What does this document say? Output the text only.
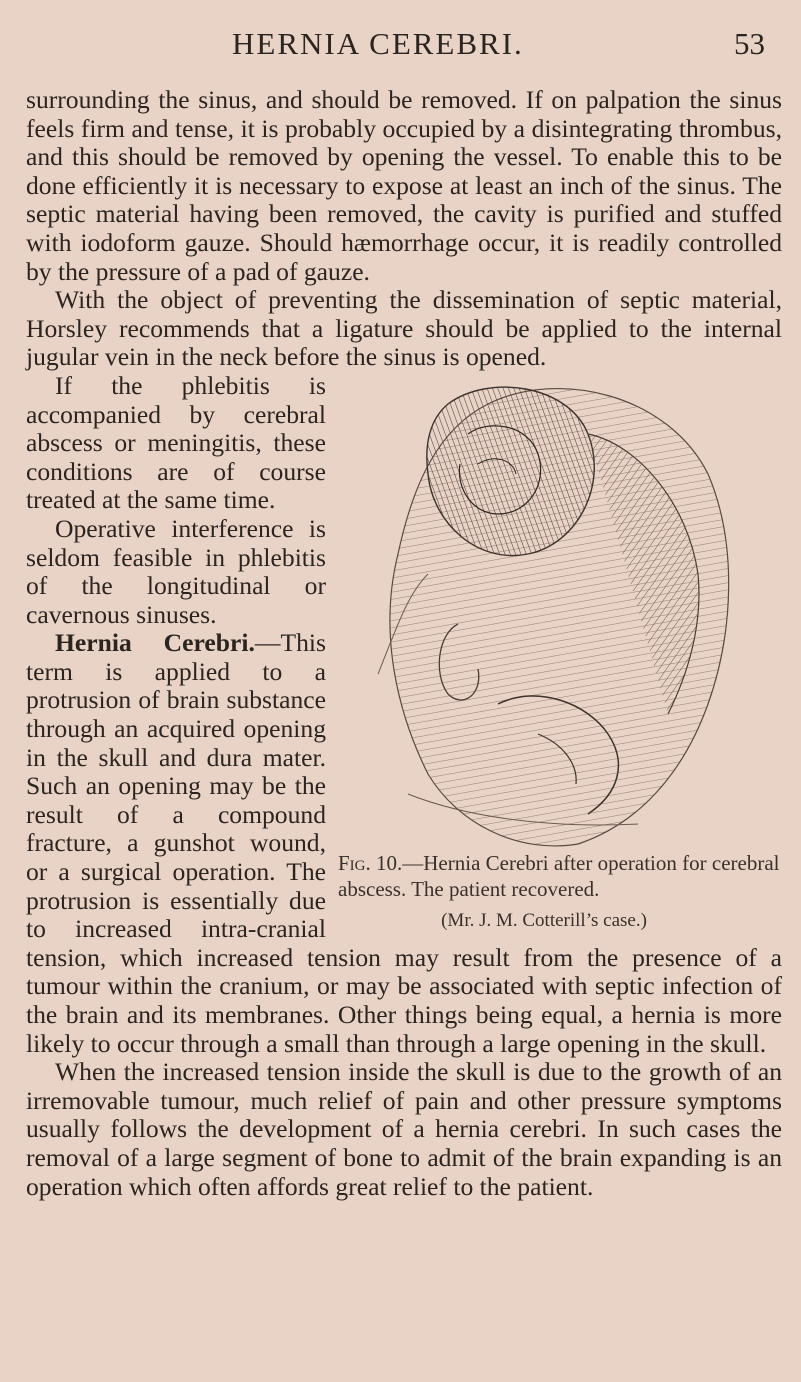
HERNIA CEREBRI.	53

surrounding the sinus, and should be removed. If on palpation the sinus feels firm and tense, it is probably occupied by a disintegrating thrombus, and this should be removed by opening the vessel. To enable this to be done efficiently it is necessary to expose at least an inch of the sinus. The septic material having been removed, the cavity is purified and stuffed with iodoform gauze. Should hæmorrhage occur, it is readily controlled by the pressure of a pad of gauze.

With the object of preventing the dissemination of septic material, Horsley recommends that a ligature should be applied to the internal jugular vein in the neck before the sinus is opened.

Fig. 10.—Hernia Cerebri after operation for cerebral abscess. The patient recovered.
(Mr. J. M. Cotterill’s case.)

If the phlebitis is accompanied by cerebral abscess or meningitis, these conditions are of course treated at the same time.

Operative interference is seldom feasible in phlebitis of the longitudinal or cavernous sinuses.

Hernia Cerebri.—This term is applied to a protrusion of brain substance through an acquired opening in the skull and dura mater. Such an opening may be the result of a compound fracture, a gunshot wound, or a surgical operation. The protrusion is essentially due to increased intra-cranial tension, which increased tension may result from the presence of a tumour within the cranium, or may be associated with septic infection of the brain and its membranes. Other things being equal, a hernia is more likely to occur through a small than through a large opening in the skull.

When the increased tension inside the skull is due to the growth of an irremovable tumour, much relief of pain and other pressure symptoms usually follows the development of a hernia cerebri. In such cases the removal of a large segment of bone to admit of the brain expanding is an operation which often affords great relief to the patient.
